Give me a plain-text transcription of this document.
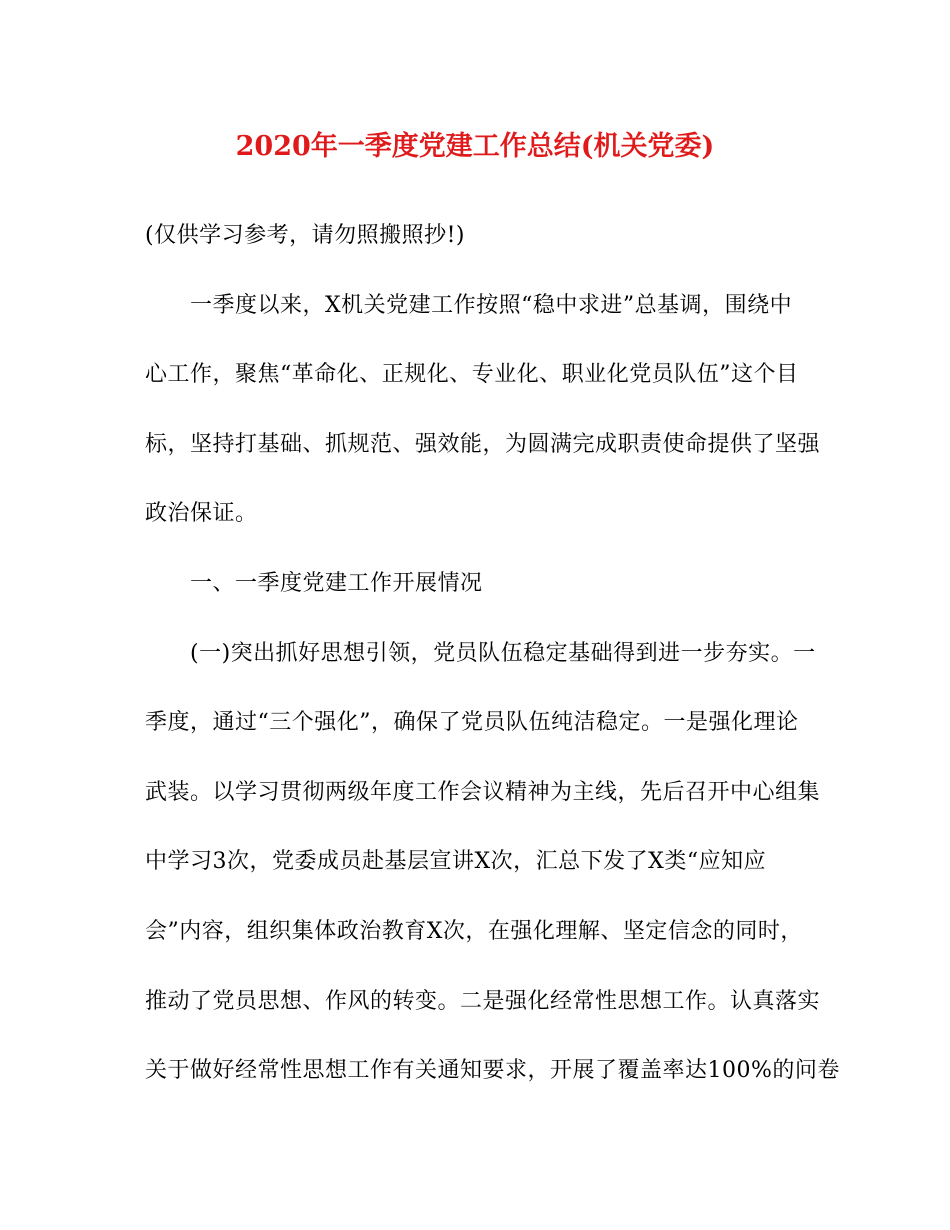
2020年一季度党建工作总结(机关党委)
(仅供学习参考，请勿照搬照抄!)
一季度以来，X机关党建工作按照“稳中求进”总基调，围绕中
心工作，聚焦“革命化、正规化、专业化、职业化党员队伍”这个目
标，坚持打基础、抓规范、强效能，为圆满完成职责使命提供了坚强
政治保证。
一、一季度党建工作开展情况
(一)突出抓好思想引领，党员队伍稳定基础得到进一步夯实。一
季度，通过“三个强化”，确保了党员队伍纯洁稳定。一是强化理论
武装。以学习贯彻两级年度工作会议精神为主线，先后召开中心组集
中学习3次，党委成员赴基层宣讲X次，汇总下发了X类“应知应
会”内容，组织集体政治教育X次，在强化理解、坚定信念的同时，
推动了党员思想、作风的转变。二是强化经常性思想工作。认真落实
关于做好经常性思想工作有关通知要求，开展了覆盖率达100%的问卷
